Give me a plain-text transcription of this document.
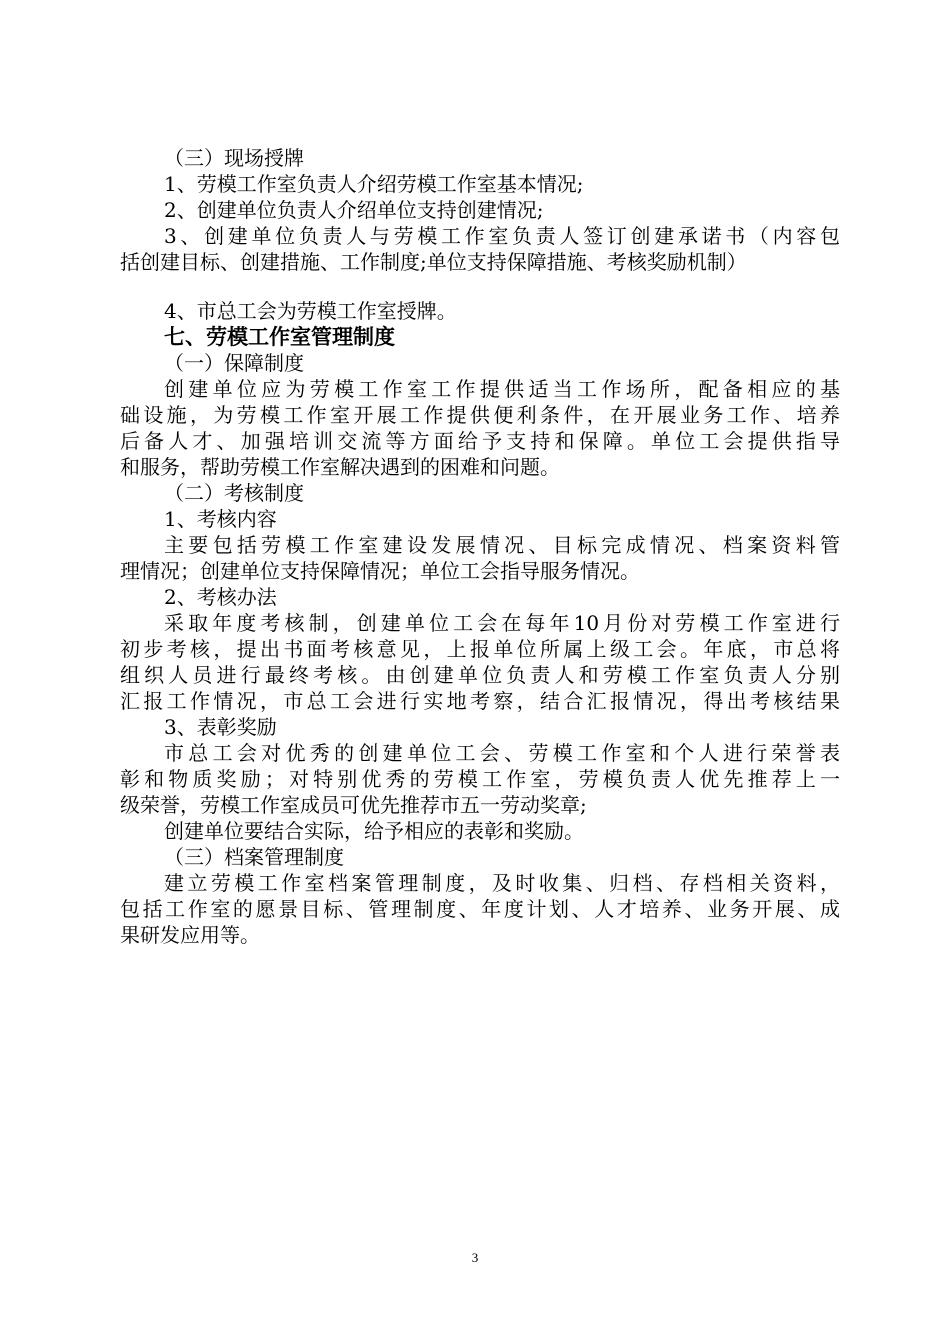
（三）现场授牌
1、劳模工作室负责人介绍劳模工作室基本情况;
2、创建单位负责人介绍单位支持创建情况;
3、创建单位负责人与劳模工作室负责人签订创建承诺书（内容包
括创建目标、创建措施、工作制度;单位支持保障措施、考核奖励机制）
4、市总工会为劳模工作室授牌。
七、劳模工作室管理制度
（一）保障制度
创建单位应为劳模工作室工作提供适当工作场所，配备相应的基
础设施，为劳模工作室开展工作提供便利条件，在开展业务工作、培养
后备人才、加强培训交流等方面给予支持和保障。单位工会提供指导
和服务，帮助劳模工作室解决遇到的困难和问题。
（二）考核制度
1、考核内容
主要包括劳模工作室建设发展情况、目标完成情况、档案资料管
理情况；创建单位支持保障情况；单位工会指导服务情况。
2、考核办法
采取年度考核制，创建单位工会在每年10月份对劳模工作室进行
初步考核，提出书面考核意见，上报单位所属上级工会。年底，市总将
组织人员进行最终考核。由创建单位负责人和劳模工作室负责人分别
汇报工作情况，市总工会进行实地考察，结合汇报情况，得出考核结果
3、表彰奖励
市总工会对优秀的创建单位工会、劳模工作室和个人进行荣誉表
彰和物质奖励；对特别优秀的劳模工作室，劳模负责人优先推荐上一
级荣誉，劳模工作室成员可优先推荐市五一劳动奖章;
创建单位要结合实际，给予相应的表彰和奖励。
（三）档案管理制度
建立劳模工作室档案管理制度，及时收集、归档、存档相关资料，
包括工作室的愿景目标、管理制度、年度计划、人才培养、业务开展、成
果研发应用等。
3
